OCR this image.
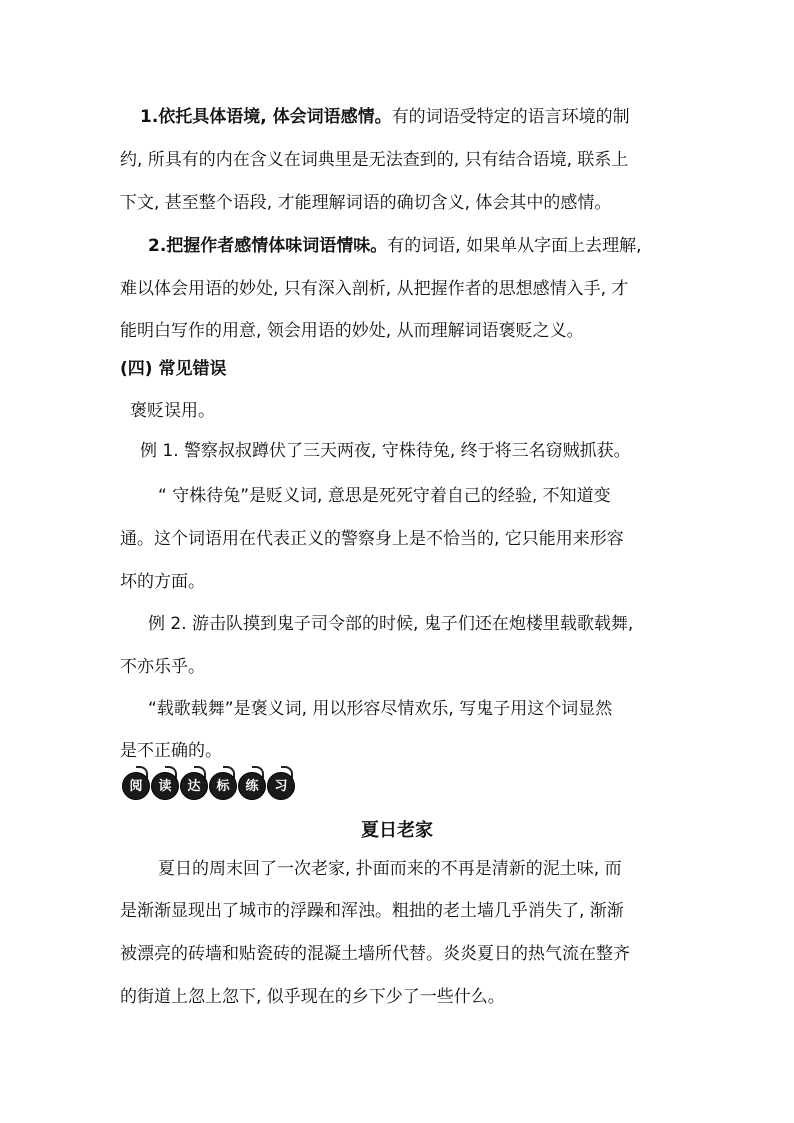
1.依托具体语境, 体会词语感情。有的词语受特定的语言环境的制
约, 所具有的内在含义在词典里是无法查到的, 只有结合语境, 联系上
下文, 甚至整个语段, 才能理解词语的确切含义, 体会其中的感情。
2.把握作者感情体味词语情味。有的词语, 如果单从字面上去理解,
难以体会用语的妙处, 只有深入剖析, 从把握作者的思想感情入手, 才
能明白写作的用意, 领会用语的妙处, 从而理解词语褒贬之义。
(四) 常见错误
褒贬误用。
例 1. 警察叔叔蹲伏了三天两夜, 守株待兔, 终于将三名窃贼抓获。
“ 守株待兔”是贬义词, 意思是死死守着自己的经验, 不知道变
通。这个词语用在代表正义的警察身上是不恰当的, 它只能用来形容
坏的方面。
例 2. 游击队摸到鬼子司令部的时候, 鬼子们还在炮楼里载歌载舞,
不亦乐乎。
“载歌载舞”是褒义词, 用以形容尽情欢乐, 写鬼子用这个词显然
是不正确的。
阅	读	达	标	练	习
夏日老家
夏日的周末回了一次老家, 扑面而来的不再是清新的泥土味, 而
是渐渐显现出了城市的浮躁和浑浊。粗拙的老土墙几乎消失了, 渐渐
被漂亮的砖墙和贴瓷砖的混凝土墙所代替。炎炎夏日的热气流在整齐
的街道上忽上忽下, 似乎现在的乡下少了一些什么。
